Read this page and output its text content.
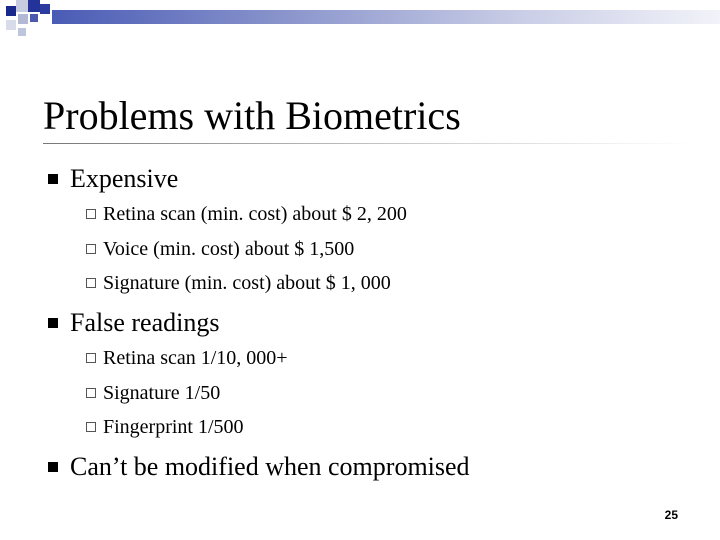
Problems with Biometrics
Expensive
Retina scan (min. cost) about $ 2, 200
Voice (min. cost) about $ 1,500
Signature (min. cost) about $ 1, 000
False readings
Retina scan 1/10, 000+
Signature 1/50
Fingerprint 1/500
Can’t be modified when compromised
25
